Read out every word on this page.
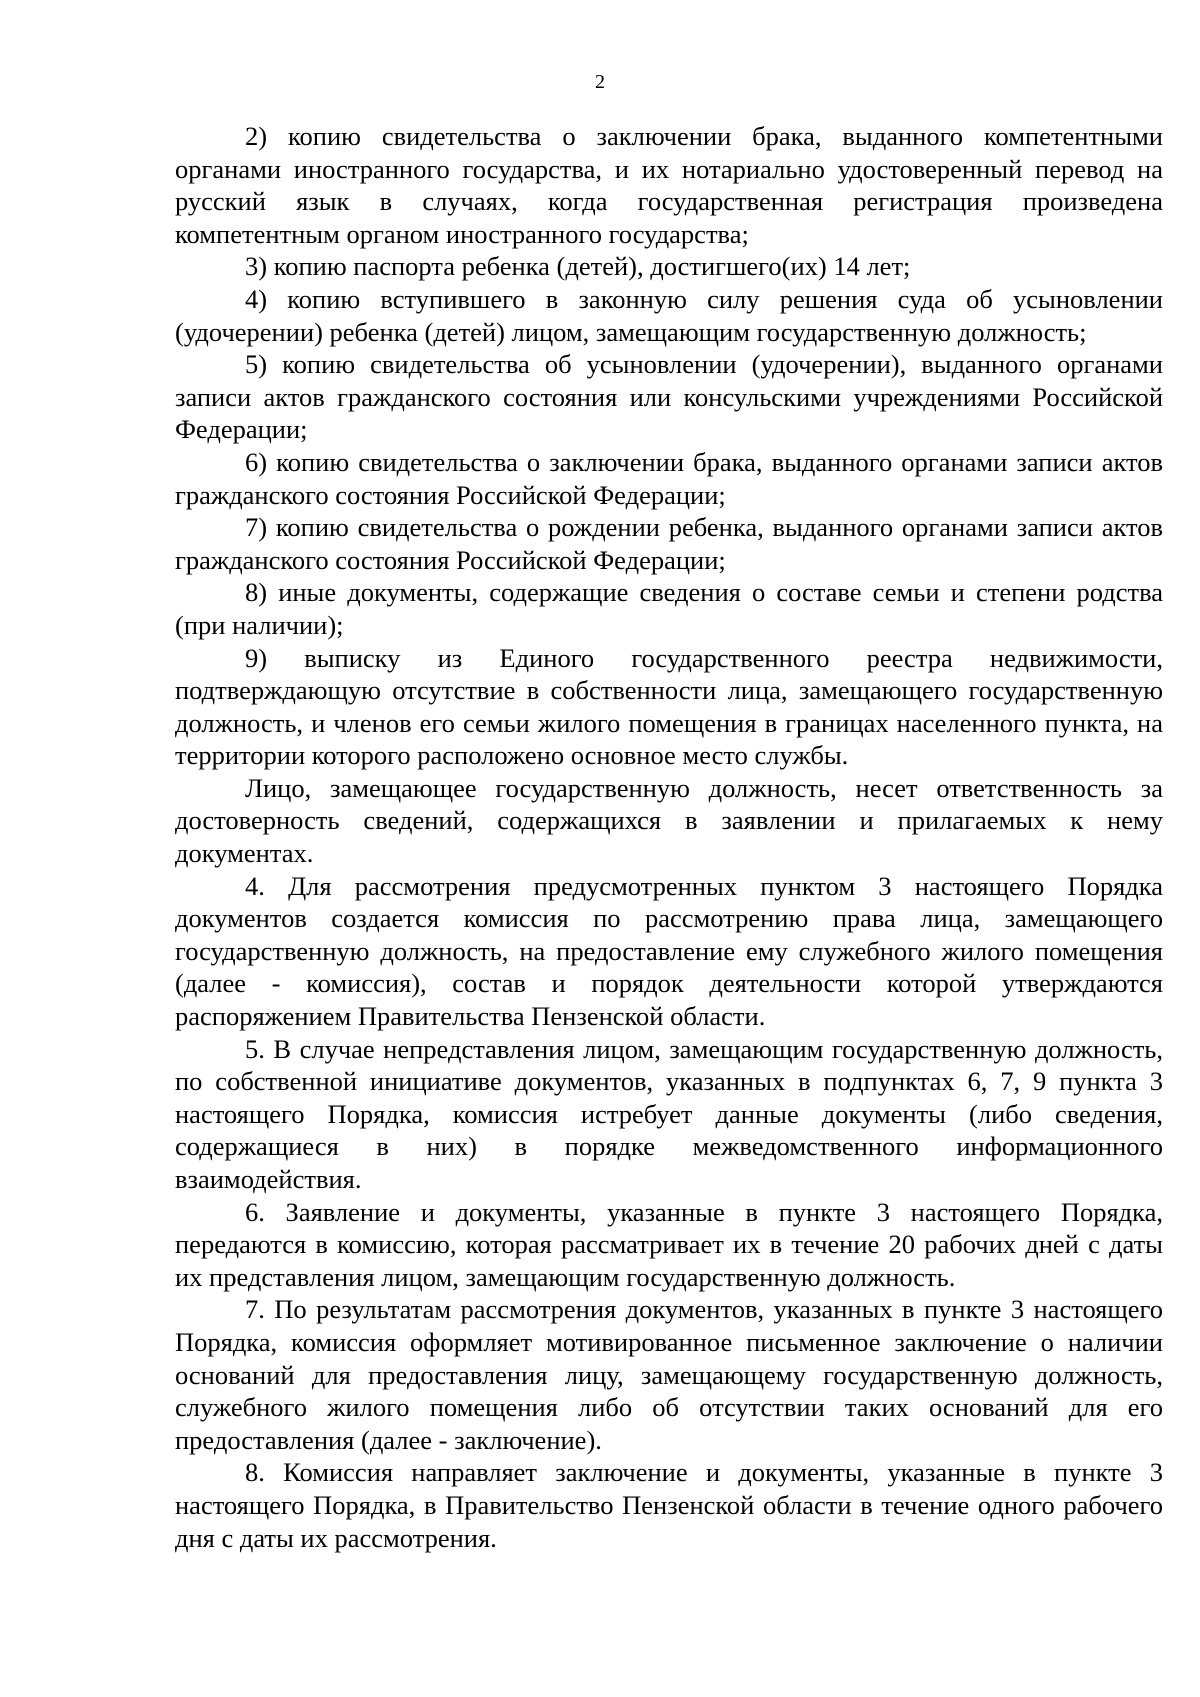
2

2) копию свидетельства о заключении брака, выданного компетентными органами иностранного государства, и их нотариально удостоверенный перевод на русский язык в случаях, когда государственная регистрация произведена компетентным органом иностранного государства;

3) копию паспорта ребенка (детей), достигшего(их) 14 лет;

4) копию вступившего в законную силу решения суда об усыновлении (удочерении) ребенка (детей) лицом, замещающим государственную должность;

5) копию свидетельства об усыновлении (удочерении), выданного органами записи актов гражданского состояния или консульскими учреждениями Российской Федерации;

6) копию свидетельства о заключении брака, выданного органами записи актов гражданского состояния Российской Федерации;

7) копию свидетельства о рождении ребенка, выданного органами записи актов гражданского состояния Российской Федерации;

8) иные документы, содержащие сведения о составе семьи и степени родства (при наличии);

9) выписку из Единого государственного реестра недвижимости, подтверждающую отсутствие в собственности лица, замещающего государственную должность, и членов его семьи жилого помещения в границах населенного пункта, на территории которого расположено основное место службы.

Лицо, замещающее государственную должность, несет ответственность за достоверность сведений, содержащихся в заявлении и прилагаемых к нему документах.

4. Для рассмотрения предусмотренных пунктом 3 настоящего Порядка документов создается комиссия по рассмотрению права лица, замещающего государственную должность, на предоставление ему служебного жилого помещения (далее - комиссия), состав и порядок деятельности которой утверждаются распоряжением Правительства Пензенской области.

5. В случае непредставления лицом, замещающим государственную должность, по собственной инициативе документов, указанных в подпунктах 6, 7, 9 пункта 3 настоящего Порядка, комиссия истребует данные документы (либо сведения, содержащиеся в них) в порядке межведомственного информационного взаимодействия.

6. Заявление и документы, указанные в пункте 3 настоящего Порядка, передаются в комиссию, которая рассматривает их в течение 20 рабочих дней с даты их представления лицом, замещающим государственную должность.

7. По результатам рассмотрения документов, указанных в пункте 3 настоящего Порядка, комиссия оформляет мотивированное письменное заключение о наличии оснований для предоставления лицу, замещающему государственную должность, служебного жилого помещения либо об отсутствии таких оснований для его предоставления (далее - заключение).

8. Комиссия направляет заключение и документы, указанные в пункте 3 настоящего Порядка, в Правительство Пензенской области в течение одного рабочего дня с даты их рассмотрения.
